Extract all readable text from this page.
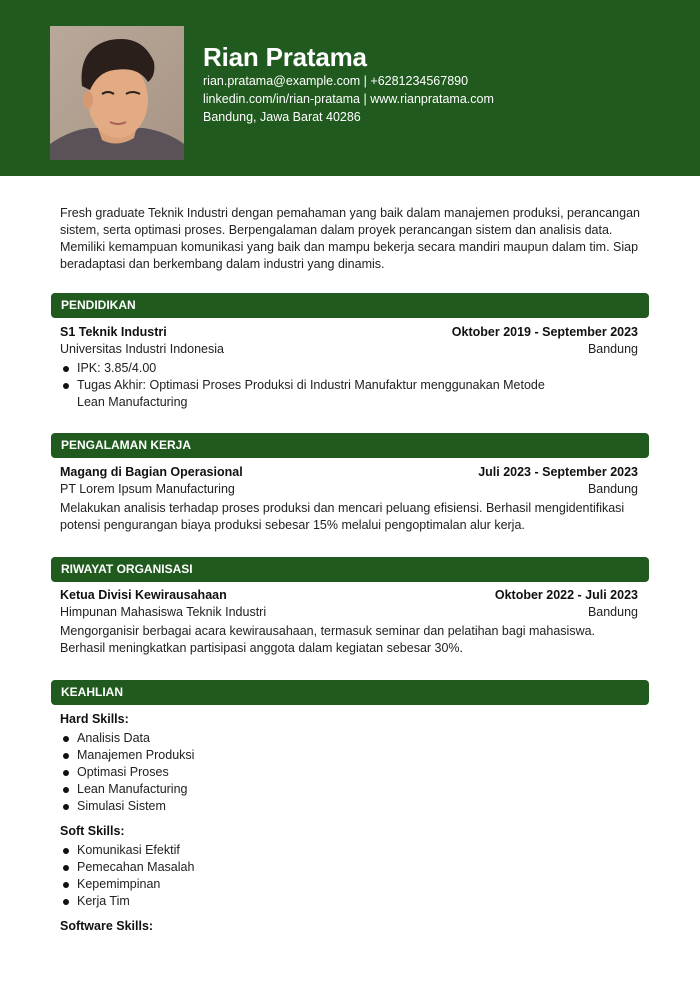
Rian Pratama
rian.pratama@example.com | +6281234567890
linkedin.com/in/rian-pratama | www.rianpratama.com
Bandung, Jawa Barat 40286
Fresh graduate Teknik Industri dengan pemahaman yang baik dalam manajemen produksi, perancangan sistem, serta optimasi proses. Berpengalaman dalam proyek perancangan sistem dan analisis data. Memiliki kemampuan komunikasi yang baik dan mampu bekerja secara mandiri maupun dalam tim. Siap beradaptasi dan berkembang dalam industri yang dinamis.
PENDIDIKAN
S1 Teknik Industri	Oktober 2019 - September 2023
Universitas Industri Indonesia	Bandung
IPK: 3.85/4.00
Tugas Akhir: Optimasi Proses Produksi di Industri Manufaktur menggunakan Metode Lean Manufacturing
PENGALAMAN KERJA
Magang di Bagian Operasional	Juli 2023 - September 2023
PT Lorem Ipsum Manufacturing	Bandung
Melakukan analisis terhadap proses produksi dan mencari peluang efisiensi. Berhasil mengidentifikasi potensi pengurangan biaya produksi sebesar 15% melalui pengoptimalan alur kerja.
RIWAYAT ORGANISASI
Ketua Divisi Kewirausahaan	Oktober 2022 - Juli 2023
Himpunan Mahasiswa Teknik Industri	Bandung
Mengorganisir berbagai acara kewirausahaan, termasuk seminar dan pelatihan bagi mahasiswa. Berhasil meningkatkan partisipasi anggota dalam kegiatan sebesar 30%.
KEAHLIAN
Hard Skills:
Analisis Data
Manajemen Produksi
Optimasi Proses
Lean Manufacturing
Simulasi Sistem
Soft Skills:
Komunikasi Efektif
Pemecahan Masalah
Kepemimpinan
Kerja Tim
Software Skills:
